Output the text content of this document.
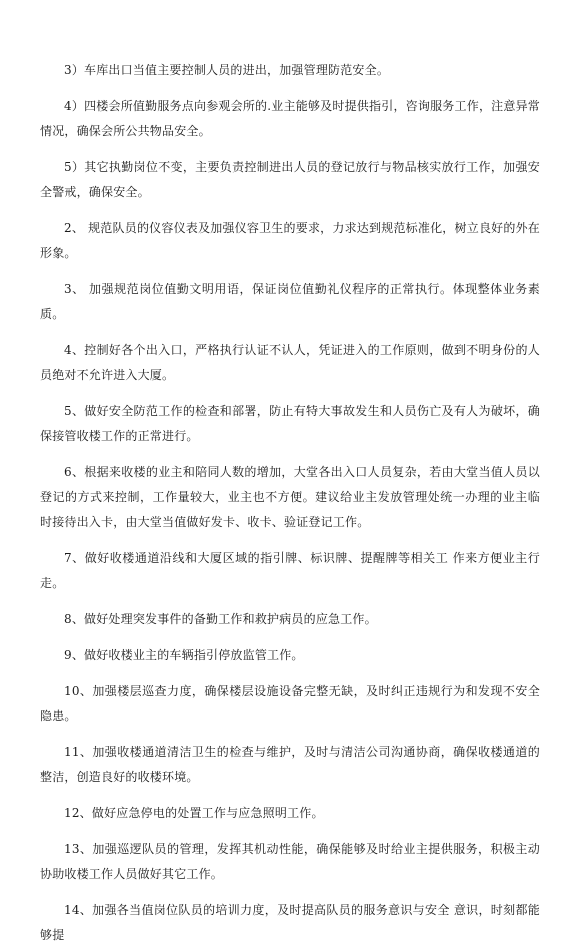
3）车库出口当值主要控制人员的进出，加强管理防范安全。

4）四楼会所值勤服务点向参观会所的.业主能够及时提供指引，咨询服务工作，注意异常情况，确保会所公共物品安全。

5）其它执勤岗位不变，主要负责控制进出人员的登记放行与物品核实放行工作，加强安全警戒，确保安全。

2、 规范队员的仪容仪表及加强仪容卫生的要求，力求达到规范标准化，树立良好的外在形象。

3、 加强规范岗位值勤文明用语，保证岗位值勤礼仪程序的正常执行。体现整体业务素质。

4、控制好各个出入口，严格执行认证不认人，凭证进入的工作原则，做到不明身份的人员绝对不允许进入大厦。

5、做好安全防范工作的检查和部署，防止有特大事故发生和人员伤亡及有人为破坏，确保接管收楼工作的正常进行。

6、根据来收楼的业主和陪同人数的增加，大堂各出入口人员复杂，若由大堂当值人员以登记的方式来控制，工作量较大，业主也不方便。建议给业主发放管理处统一办理的业主临时接待出入卡，由大堂当值做好发卡、收卡、验证登记工作。

7、做好收楼通道沿线和大厦区域的指引牌、标识牌、提醒牌等相关工 作来方便业主行走。

8、做好处理突发事件的备勤工作和救护病员的应急工作。

9、做好收楼业主的车辆指引停放监管工作。

10、加强楼层巡查力度，确保楼层设施设备完整无缺，及时纠正违规行为和发现不安全隐患。

11、加强收楼通道清洁卫生的检查与维护，及时与清洁公司沟通协商，确保收楼通道的整洁，创造良好的收楼环境。

12、做好应急停电的处置工作与应急照明工作。

13、加强巡逻队员的管理，发挥其机动性能，确保能够及时给业主提供服务，积极主动协助收楼工作人员做好其它工作。

14、加强各当值岗位队员的培训力度，及时提高队员的服务意识与安全 意识，时刻都能够提
